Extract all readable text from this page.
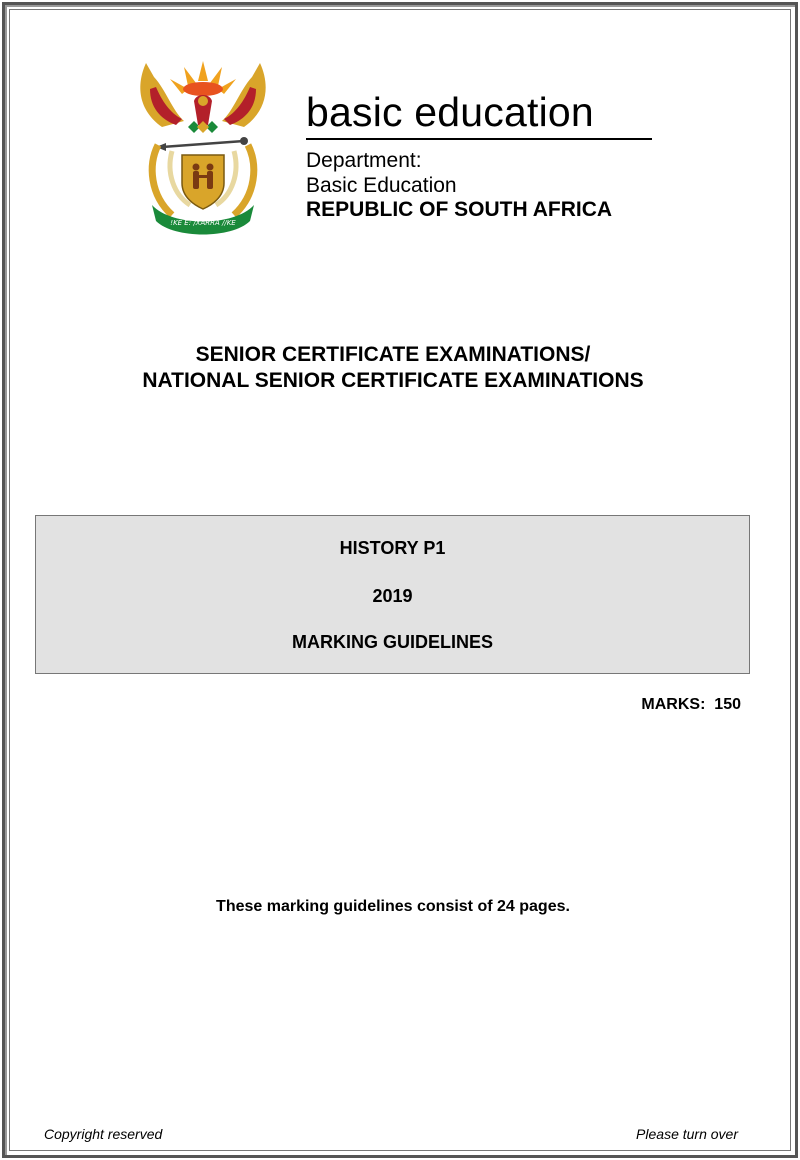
!KE E: /XARRA //KE
basic education
Department:
Basic Education
REPUBLIC OF SOUTH AFRICA
SENIOR CERTIFICATE EXAMINATIONS/
NATIONAL SENIOR CERTIFICATE EXAMINATIONS
HISTORY P1
2019
MARKING GUIDELINES
MARKS:  150
These marking guidelines consist of 24 pages.
Copyright reserved	Please turn over
